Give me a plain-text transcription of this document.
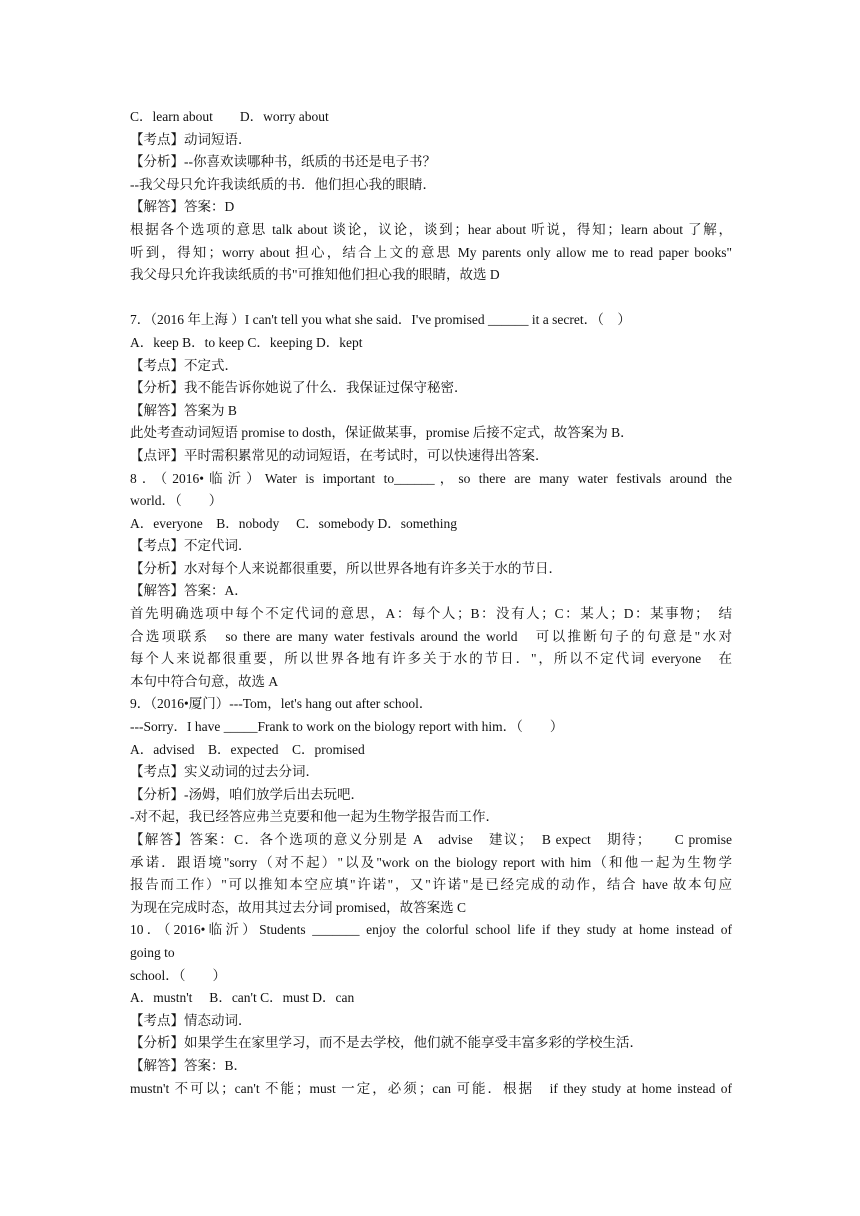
C．learn about　　D．worry about
【考点】动词短语．
【分析】--你喜欢读哪种书，纸质的书还是电子书？
--我父母只允许我读纸质的书．他们担心我的眼睛．
【解答】答案：D
根据各个选项的意思 talk about 谈论，议论，谈到；hear about 听说，得知；learn about 了解，
听到，得知；worry about 担心，结合上文的意思 My parents only allow me to read paper books"
我父母只允许我读纸质的书"可推知他们担心我的眼睛，故选 D
7．（2016 年上海 ）I can't tell you what she said．I've promised ______ it a secret．（　）
A．keep B．to keep C．keeping D．kept
【考点】不定式．
【分析】我不能告诉你她说了什么．我保证过保守秘密．
【解答】答案为 B
此处考查动词短语 promise to dosth，保证做某事，promise 后接不定式，故答案为 B．
【点评】平时需积累常见的动词短语，在考试时，可以快速得出答案．
8．（2016•临沂）Water is important to______，so there are many water festivals around the
world．（　　）
A．everyone　B．nobody　 C．somebody D．something
【考点】不定代词．
【分析】水对每个人来说都很重要，所以世界各地有许多关于水的节日．
【解答】答案：A．
首先明确选项中每个不定代词的意思，A：每个人；B：没有人；C：某人；D：某事物；　结
合选项联系　so there are many water festivals around the world　可以推断句子的句意是"水对
每个人来说都很重要，所以世界各地有许多关于水的节日．"，所以不定代词 everyone　在
本句中符合句意，故选 A
9．（2016•厦门）---Tom，let's hang out after school．
---Sorry．I have _____Frank to work on the biology report with him．（　　）
A．advised　B．expected　C．promised
【考点】实义动词的过去分词．
【分析】-汤姆，咱们放学后出去玩吧．
-对不起，我已经答应弗兰克要和他一起为生物学报告而工作．
【解答】答案：C．各个选项的意义分别是 A　advise　建议；　B expect　期待；　　C promise
承诺．跟语境"sorry（对不起）"以及"work on the biology report with him（和他一起为生物学
报告而工作）"可以推知本空应填"许诺"，又"许诺"是已经完成的动作，结合 have 故本句应
为现在完成时态，故用其过去分词 promised，故答案选 C
10．（2016•临沂）Students _______ enjoy the colorful school life if they study at home instead of
going to
school．（　　）
A．mustn't　 B．can't C．must D．can
【考点】情态动词．
【分析】如果学生在家里学习，而不是去学校，他们就不能享受丰富多彩的学校生活．
【解答】答案：B．
mustn't 不可以；can't 不能；must 一定，必须；can 可能．根据　if they study at home instead of
